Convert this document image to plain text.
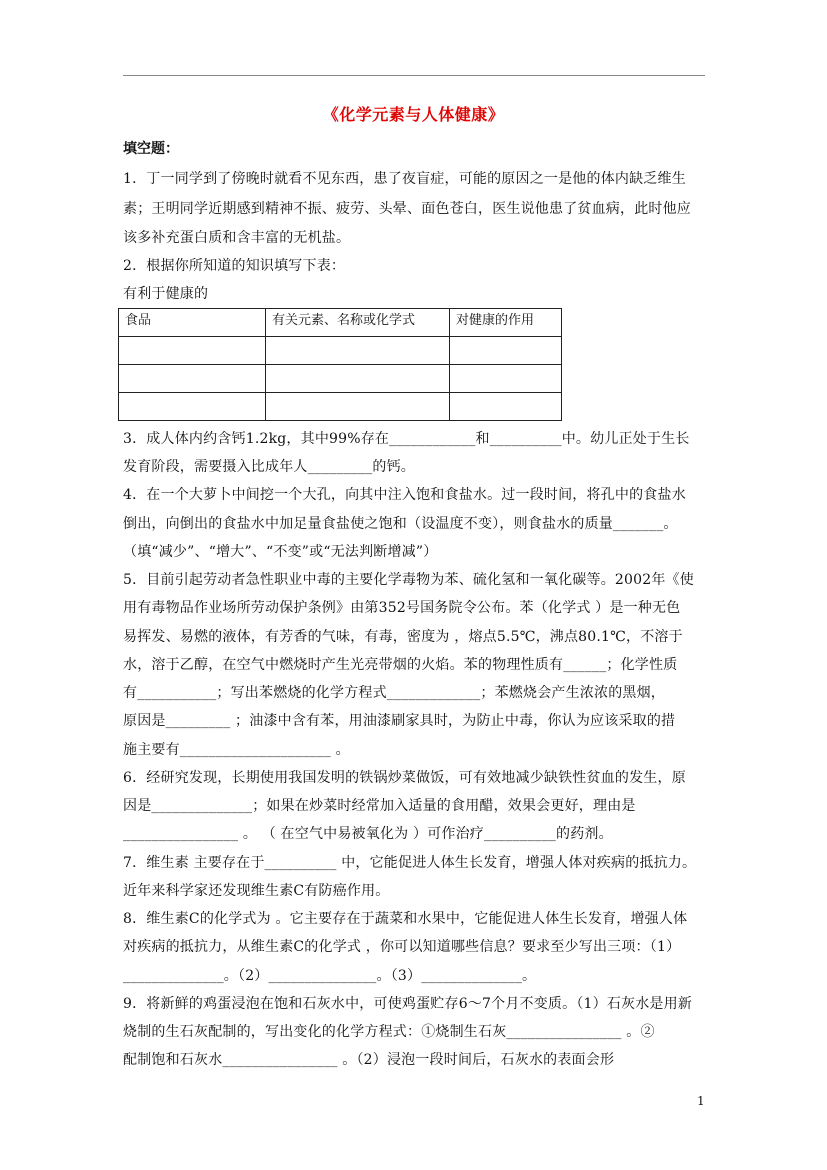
《化学元素与人体健康》
填空题：
1．丁一同学到了傍晚时就看不见东西，患了夜盲症，可能的原因之一是他的体内缺乏维生
素；王明同学近期感到精神不振、疲劳、头晕、面色苍白，医生说他患了贫血病，此时他应
该多补充蛋白质和含丰富的无机盐。
2．根据你所知道的知识填写下表：
有利于健康的
食品	有关元素、名称或化学式	对健康的作用

3．成人体内约含钙1.2kg，其中99%存在____________和__________中。幼儿正处于生长
发育阶段，需要摄入比成年人_________的钙。
4．在一个大萝卜中间挖一个大孔，向其中注入饱和食盐水。过一段时间，将孔中的食盐水
倒出，向倒出的食盐水中加足量食盐使之饱和（设温度不变），则食盐水的质量_______。
（填“减少”、“增大”、“不变”或“无法判断增减”）
5．目前引起劳动者急性职业中毒的主要化学毒物为苯、硫化氢和一氧化碳等。2002年《使
用有毒物品作业场所劳动保护条例》由第352号国务院令公布。苯（化学式 ）是一种无色
易挥发、易燃的液体，有芳香的气味，有毒，密度为 ，熔点5.5℃，沸点80.1℃，不溶于
水，溶于乙醇，在空气中燃烧时产生光亮带烟的火焰。苯的物理性质有______；化学性质
有___________；写出苯燃烧的化学方程式_____________；苯燃烧会产生浓浓的黑烟，
原因是_________ ；油漆中含有苯，用油漆刷家具时，为防止中毒，你认为应该采取的措
施主要有_____________________ 。
6．经研究发现，长期使用我国发明的铁锅炒菜做饭，可有效地减少缺铁性贫血的发生，原
因是______________；如果在炒菜时经常加入适量的食用醋，效果会更好，理由是
________________ 。 （ 在空气中易被氧化为 ）可作治疗__________的药剂。
7．维生素 主要存在于__________ 中，它能促进人体生长发育，增强人体对疾病的抵抗力。
近年来科学家还发现维生素C有防癌作用。
8．维生素C的化学式为 。它主要存在于蔬菜和水果中，它能促进人体生长发育，增强人体
对疾病的抵抗力，从维生素C的化学式 ，你可以知道哪些信息？要求至少写出三项：（1）
______________。（2）_______________。（3）______________。
9．将新鲜的鸡蛋浸泡在饱和石灰水中，可使鸡蛋贮存6～7个月不变质。（1）石灰水是用新
烧制的生石灰配制的，写出变化的化学方程式：①烧制生石灰________________ 。②
配制饱和石灰水________________ 。（2）浸泡一段时间后，石灰水的表面会形
1
